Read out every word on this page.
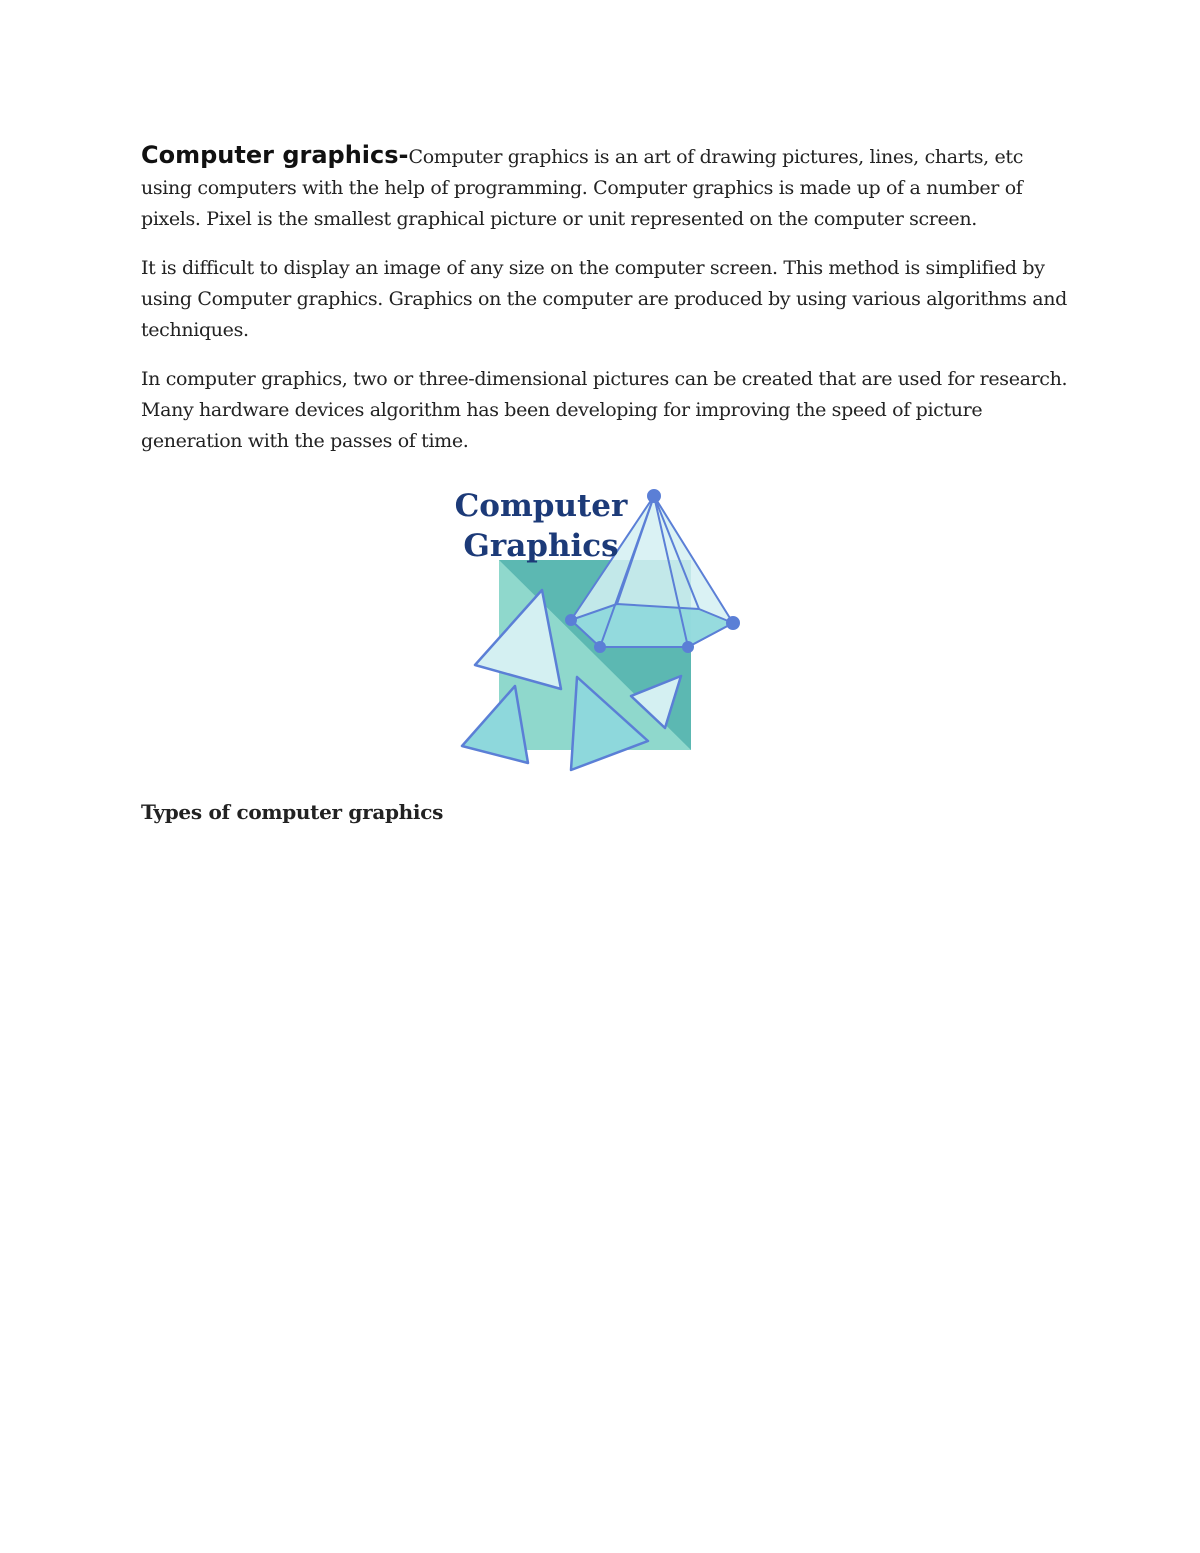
Computer graphics-Computer graphics is an art of drawing pictures, lines, charts, etc using computers with the help of programming. Computer graphics is made up of a number of pixels. Pixel is the smallest graphical picture or unit represented on the computer screen.

It is difficult to display an image of any size on the computer screen. This method is simplified by using Computer graphics. Graphics on the computer are produced by using various algorithms and techniques.

In computer graphics, two or three-dimensional pictures can be created that are used for research. Many hardware devices algorithm has been developing for improving the speed of picture generation with the passes of time.

Computer
Graphics
Types of computer graphics
